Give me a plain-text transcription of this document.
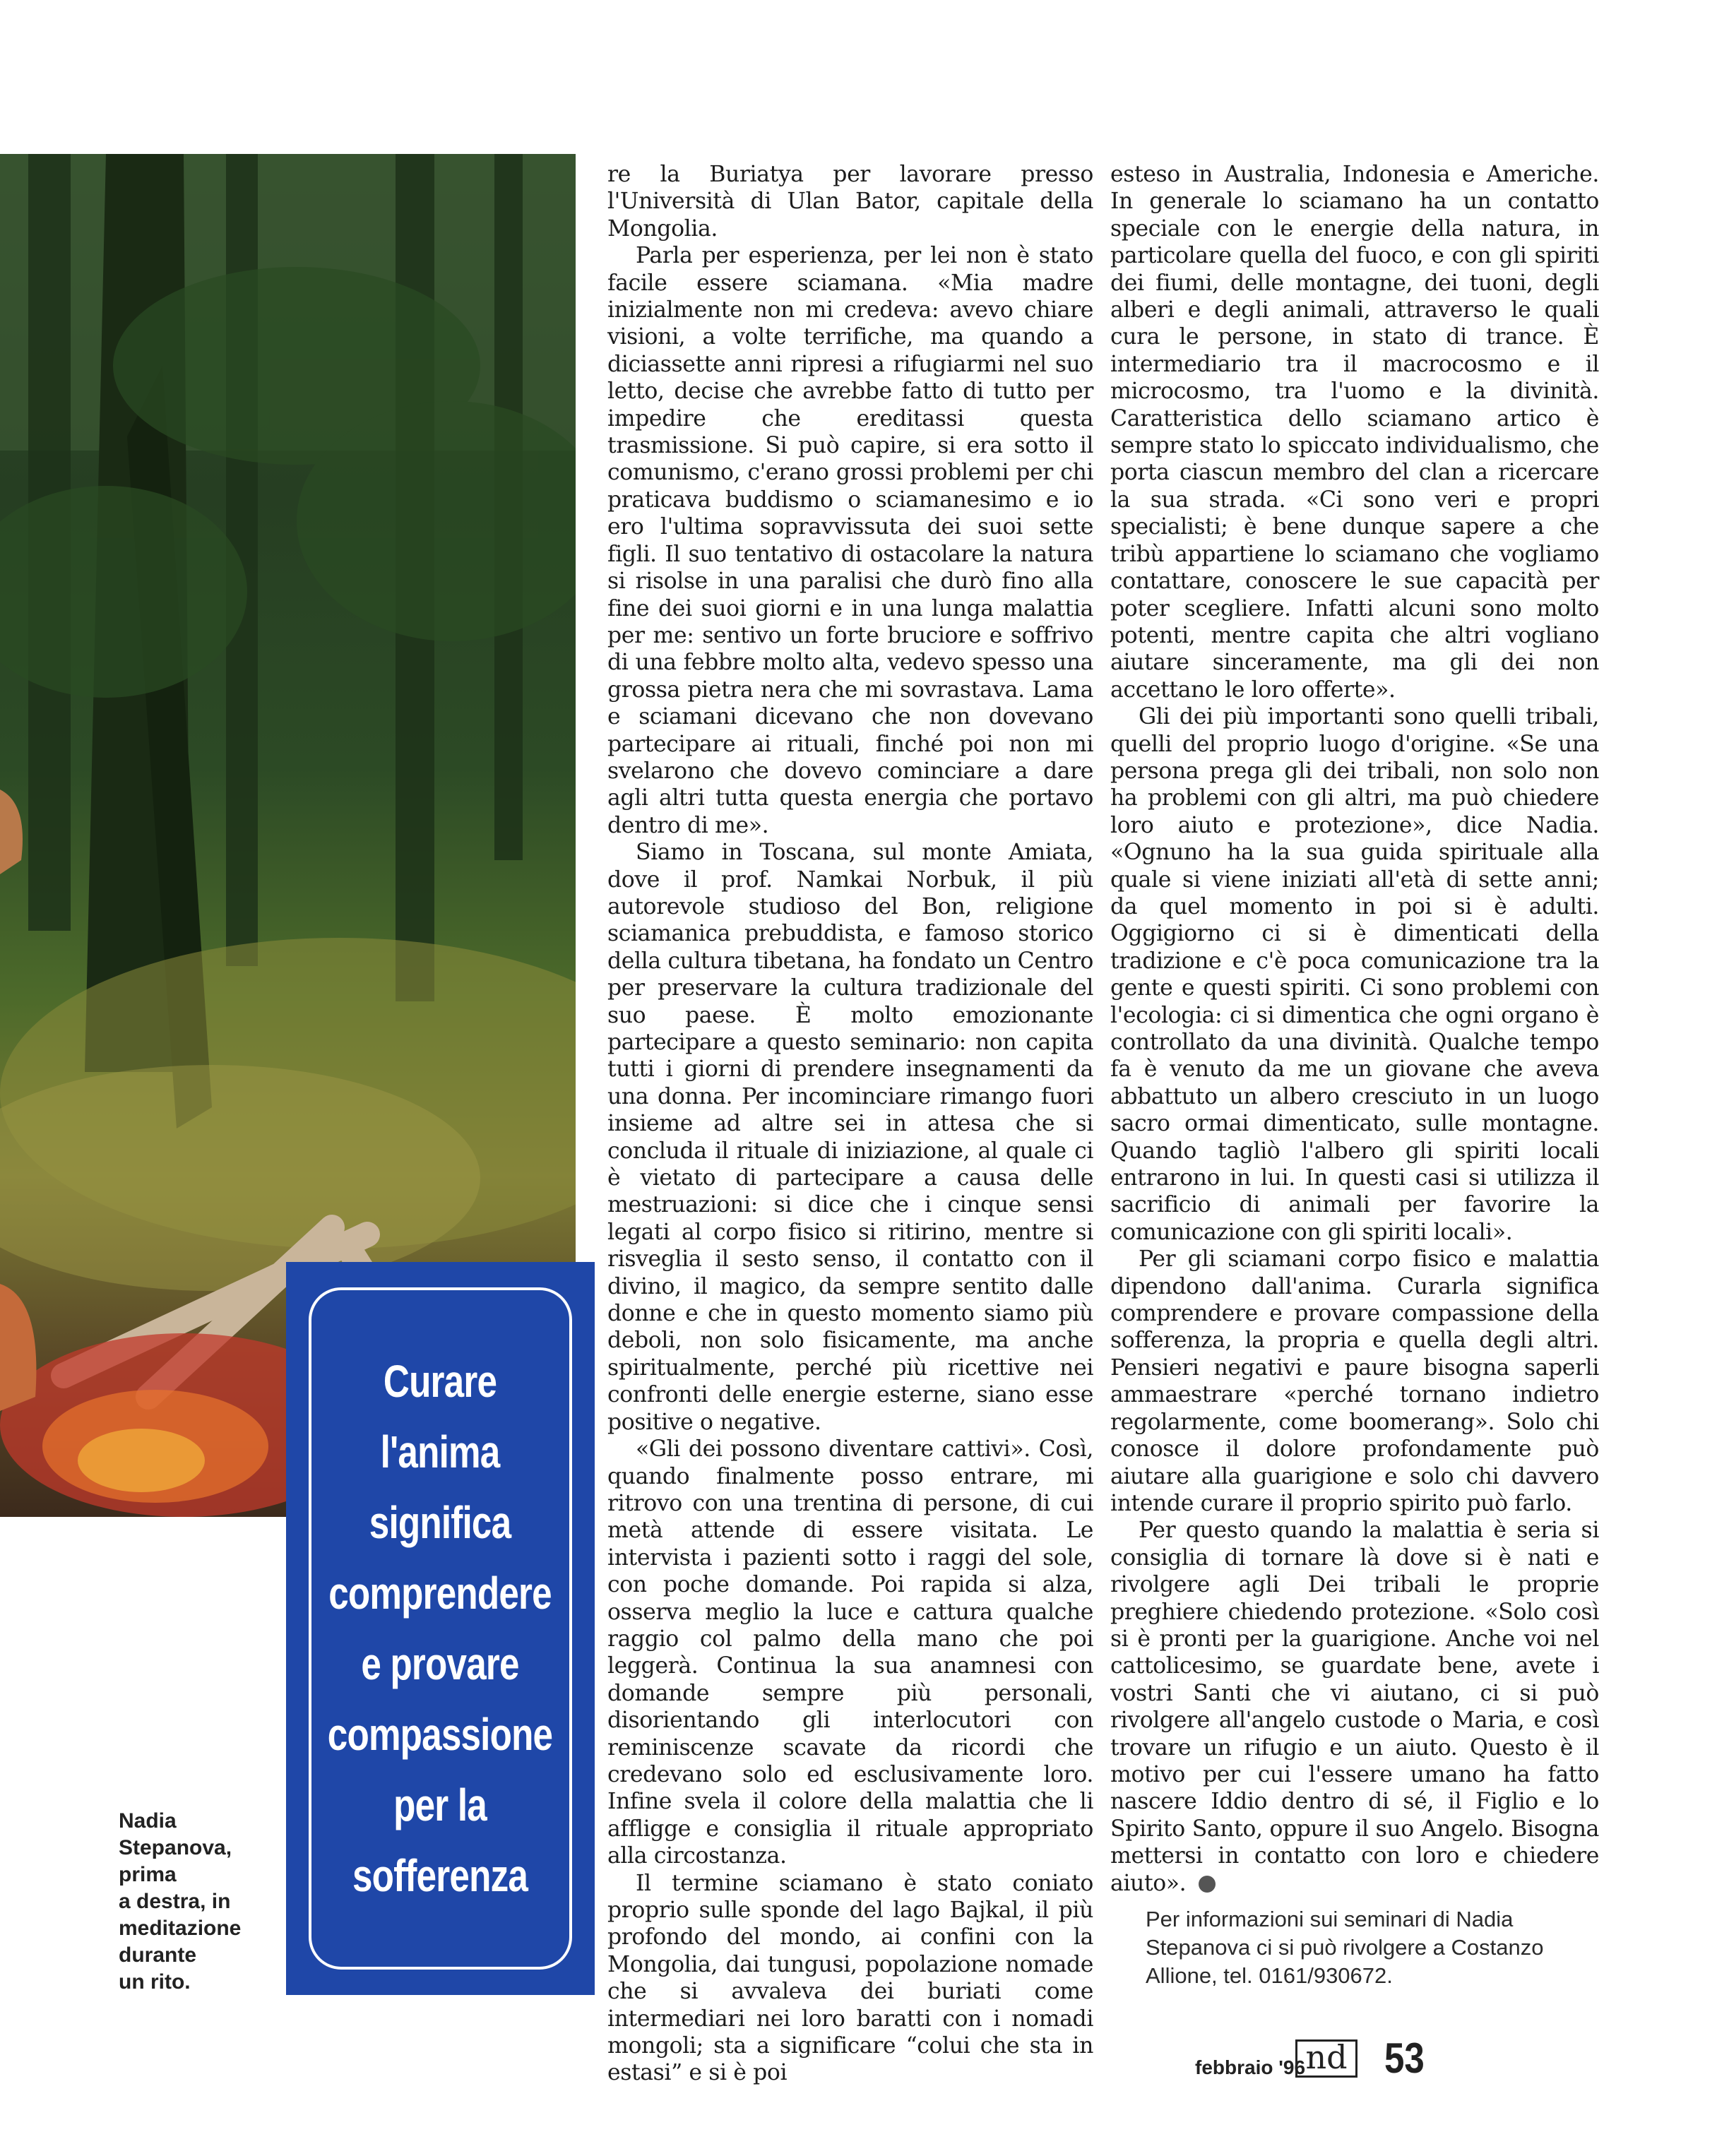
Curare
l'anima
significa
comprendere
e provare
compassione
per la
sofferenza

Nadia
Stepanova,
prima
a destra, in
meditazione
durante
un rito.

re la Buriatya per lavorare presso l'Università di Ulan Bator, capitale della Mongolia.

Parla per esperienza, per lei non è stato facile essere sciamana. «Mia madre inizialmente non mi credeva: avevo chiare visioni, a volte terrifiche, ma quando a diciassette anni ripresi a rifugiarmi nel suo letto, decise che avrebbe fatto di tutto per impedire che ereditassi questa trasmissione. Si può capire, si era sotto il comunismo, c'erano grossi problemi per chi praticava buddismo o sciamanesimo e io ero l'ultima sopravvissuta dei suoi sette figli. Il suo tentativo di ostacolare la natura si risolse in una paralisi che durò fino alla fine dei suoi giorni e in una lunga malattia per me: sentivo un forte bruciore e soffrivo di una febbre molto alta, vedevo spesso una grossa pietra nera che mi sovrastava. Lama e sciamani dicevano che non dovevano partecipare ai rituali, finché poi non mi svelarono che dovevo cominciare a dare agli altri tutta questa energia che portavo dentro di me».

Siamo in Toscana, sul monte Amiata, dove il prof. Namkai Norbuk, il più autorevole studioso del Bon, religione sciamanica prebuddista, e famoso storico della cultura tibetana, ha fondato un Centro per preservare la cultura tradizionale del suo paese. È molto emozionante partecipare a questo seminario: non capita tutti i giorni di prendere insegnamenti da una donna. Per incominciare rimango fuori insieme ad altre sei in attesa che si concluda il rituale di iniziazione, al quale ci è vietato di partecipare a causa delle mestruazioni: si dice che i cinque sensi legati al corpo fisico si ritirino, mentre si risveglia il sesto senso, il contatto con il divino, il magico, da sempre sentito dalle donne e che in questo momento siamo più deboli, non solo fisicamente, ma anche spiritualmente, perché più ricettive nei confronti delle energie esterne, siano esse positive o negative.

«Gli dei possono diventare cattivi». Così, quando finalmente posso entrare, mi ritrovo con una trentina di persone, di cui metà attende di essere visitata. Le intervista i pazienti sotto i raggi del sole, con poche domande. Poi rapida si alza, osserva meglio la luce e cattura qualche raggio col palmo della mano che poi leggerà. Continua la sua anamnesi con domande sempre più personali, disorientando gli interlocutori con reminiscenze scavate da ricordi che credevano solo ed esclusivamente loro. Infine svela il colore della malattia che li affligge e consiglia il rituale appropriato alla circostanza.

Il termine sciamano è stato coniato proprio sulle sponde del lago Bajkal, il più profondo del mondo, ai confini con la Mongolia, dai tungusi, popolazione nomade che si avvaleva dei buriati come intermediari nei loro baratti con i nomadi mongoli; sta a significare “colui che sta in estasi” e si è poi

esteso in Australia, Indonesia e Americhe. In generale lo sciamano ha un contatto speciale con le energie della natura, in particolare quella del fuoco, e con gli spiriti dei fiumi, delle montagne, dei tuoni, degli alberi e degli animali, attraverso le quali cura le persone, in stato di trance. È intermediario tra il macrocosmo e il microcosmo, tra l'uomo e la divinità. Caratteristica dello sciamano artico è sempre stato lo spiccato individualismo, che porta ciascun membro del clan a ricercare la sua strada. «Ci sono veri e propri specialisti; è bene dunque sapere a che tribù appartiene lo sciamano che vogliamo contattare, conoscere le sue capacità per poter scegliere. Infatti alcuni sono molto potenti, mentre capita che altri vogliano aiutare sinceramente, ma gli dei non accettano le loro offerte».

Gli dei più importanti sono quelli tribali, quelli del proprio luogo d'origine. «Se una persona prega gli dei tribali, non solo non ha problemi con gli altri, ma può chiedere loro aiuto e protezione», dice Nadia. «Ognuno ha la sua guida spirituale alla quale si viene iniziati all'età di sette anni; da quel momento in poi si è adulti. Oggigiorno ci si è dimenticati della tradizione e c'è poca comunicazione tra la gente e questi spiriti. Ci sono problemi con l'ecologia: ci si dimentica che ogni organo è controllato da una divinità. Qualche tempo fa è venuto da me un giovane che aveva abbattuto un albero cresciuto in un luogo sacro ormai dimenticato, sulle montagne. Quando tagliò l'albero gli spiriti locali entrarono in lui. In questi casi si utilizza il sacrificio di animali per favorire la comunicazione con gli spiriti locali».

Per gli sciamani corpo fisico e malattia dipendono dall'anima. Curarla significa comprendere e provare compassione della sofferenza, la propria e quella degli altri. Pensieri negativi e paure bisogna saperli ammaestrare «perché tornano indietro regolarmente, come boomerang». Solo chi conosce il dolore profondamente può aiutare alla guarigione e solo chi davvero intende curare il proprio spirito può farlo.

Per questo quando la malattia è seria si consiglia di tornare là dove si è nati e rivolgere agli Dei tribali le proprie preghiere chiedendo protezione. «Solo così si è pronti per la guarigione. Anche voi nel cattolicesimo, se guardate bene, avete i vostri Santi che vi aiutano, ci si può rivolgere all'angelo custode o Maria, e così trovare un rifugio e un aiuto. Questo è il motivo per cui l'essere umano ha fatto nascere Iddio dentro di sé, il Figlio e lo Spirito Santo, oppure il suo Angelo. Bisogna mettersi in contatto con loro e chiedere aiuto».

Per informazioni sui seminari di Nadia Stepanova ci si può rivolgere a Costanzo Allione, tel. 0161/930672.

febbraio '96 nd 53
